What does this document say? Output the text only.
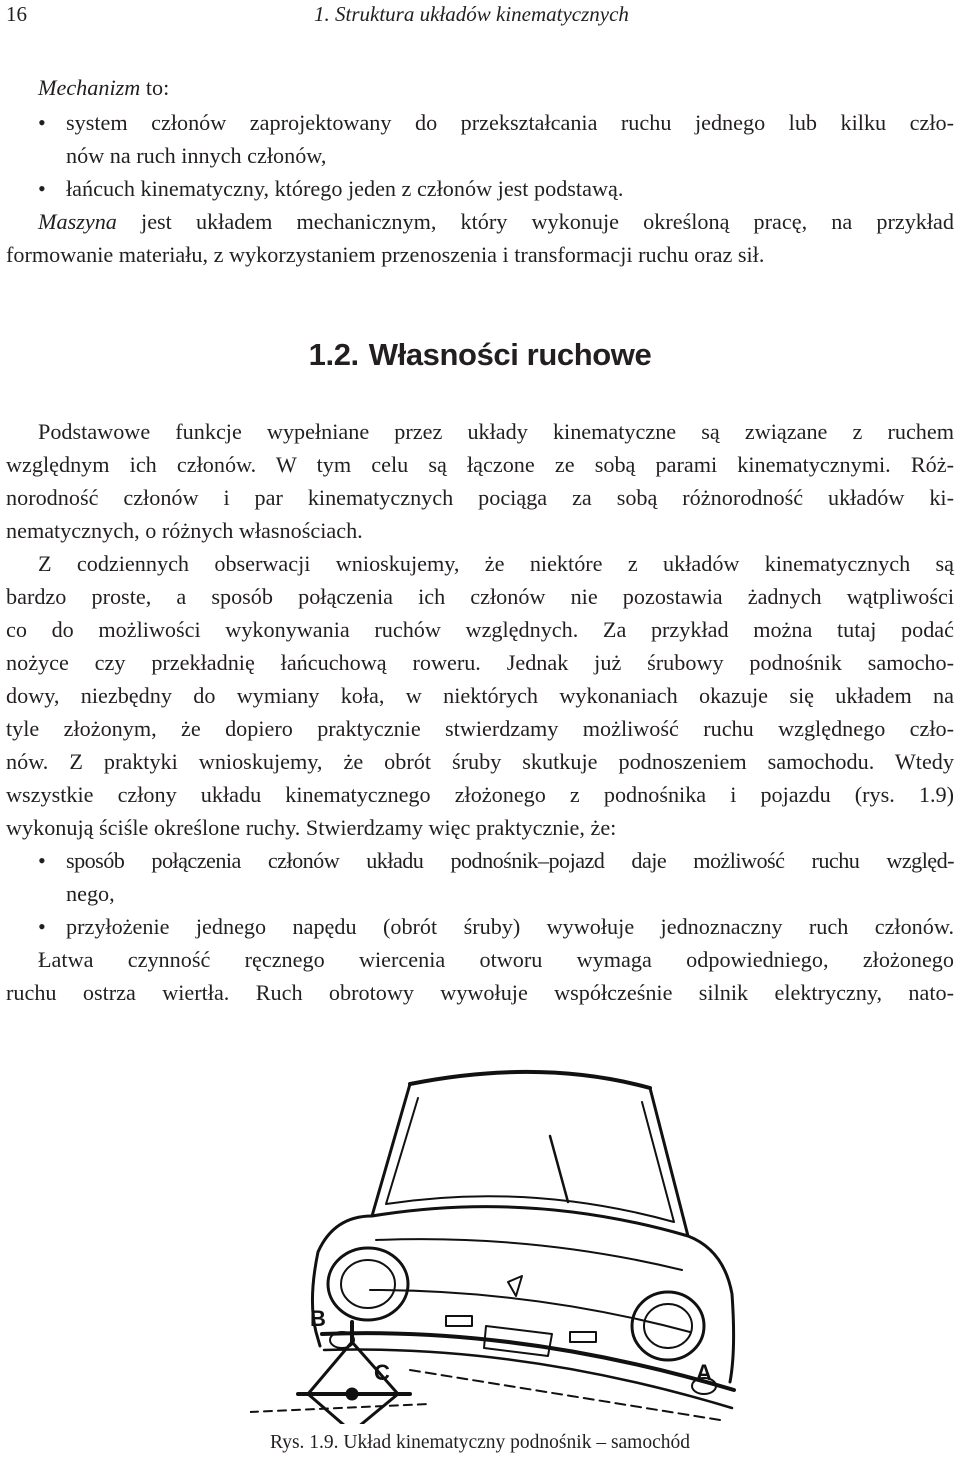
16	1. Struktura układów kinematycznych
Mechanizm to:
• system członów zaprojektowany do przekształcania ruchu jednego lub kilku czło-
nów na ruch innych członów,
• łańcuch kinematyczny, którego jeden z członów jest podstawą.
Maszyna jest układem mechanicznym, który wykonuje określoną pracę, na przykład
formowanie materiału, z wykorzystaniem przenoszenia i transformacji ruchu oraz sił.
1.2. Własności ruchowe
Podstawowe funkcje wypełniane przez układy kinematyczne są związane z ruchem
względnym ich członów. W tym celu są łączone ze sobą parami kinematycznymi. Róż-
norodność członów i par kinematycznych pociąga za sobą różnorodność układów ki-
nematycznych, o różnych własnościach.
Z codziennych obserwacji wnioskujemy, że niektóre z układów kinematycznych są
bardzo proste, a sposób połączenia ich członów nie pozostawia żadnych wątpliwości
co do możliwości wykonywania ruchów względnych. Za przykład można tutaj podać
nożyce czy przekładnię łańcuchową roweru. Jednak już śrubowy podnośnik samocho-
dowy, niezbędny do wymiany koła, w niektórych wykonaniach okazuje się układem na
tyle złożonym, że dopiero praktycznie stwierdzamy możliwość ruchu względnego czło-
nów. Z praktyki wnioskujemy, że obrót śruby skutkuje podnoszeniem samochodu. Wtedy
wszystkie człony układu kinematycznego złożonego z podnośnika i pojazdu (rys. 1.9)
wykonują ściśle określone ruchy. Stwierdzamy więc praktycznie, że:
• sposób połączenia członów układu podnośnik–pojazd daje możliwość ruchu względ-
nego,
• przyłożenie jednego napędu (obrót śruby) wywołuje jednoznaczny ruch członów.
Łatwa czynność ręcznego wiercenia otworu wymaga odpowiedniego, złożonego
ruchu ostrza wiertła. Ruch obrotowy wywołuje współcześnie silnik elektryczny, nato-
B
C	A
Rys. 1.9. Układ kinematyczny podnośnik – samochód
